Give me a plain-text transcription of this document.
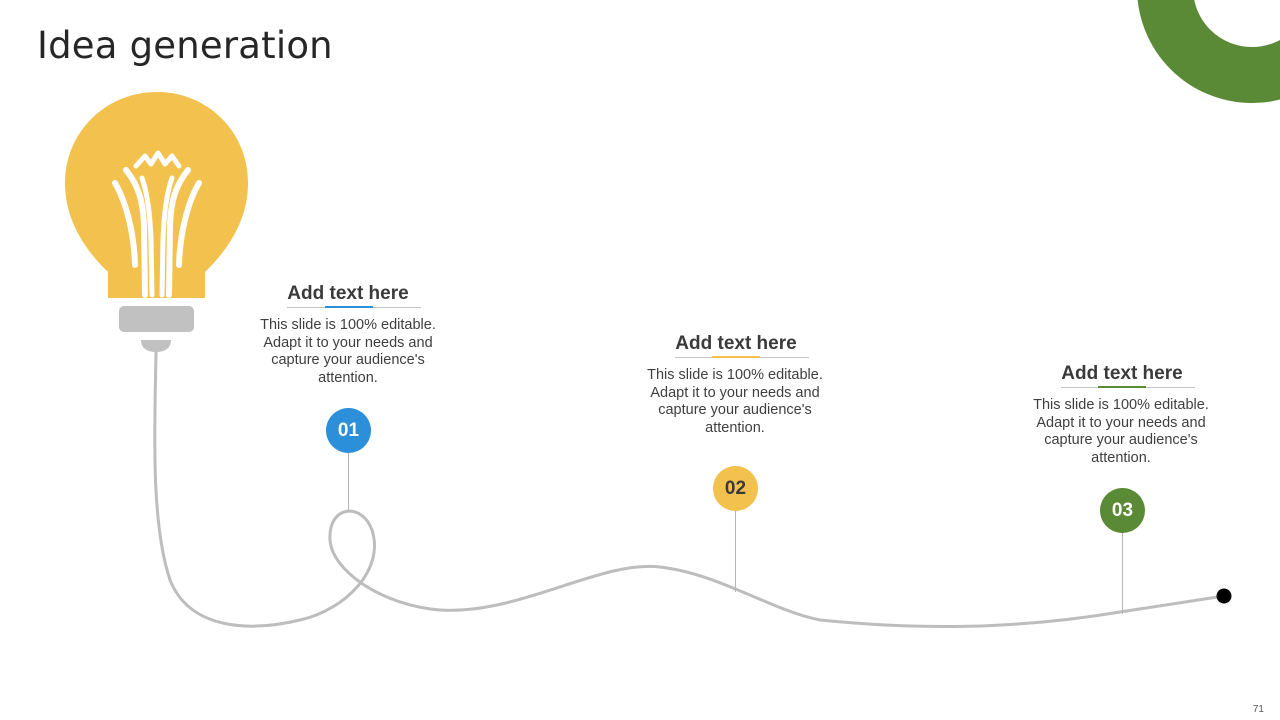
Idea generation
Add text here
This slide is 100% editable. Adapt it to your needs and capture your audience's attention.
01
Add text here
This slide is 100% editable. Adapt it to your needs and capture your audience's attention.
02
Add text here
This slide is 100% editable. Adapt it to your needs and capture your audience's attention.
03
71
